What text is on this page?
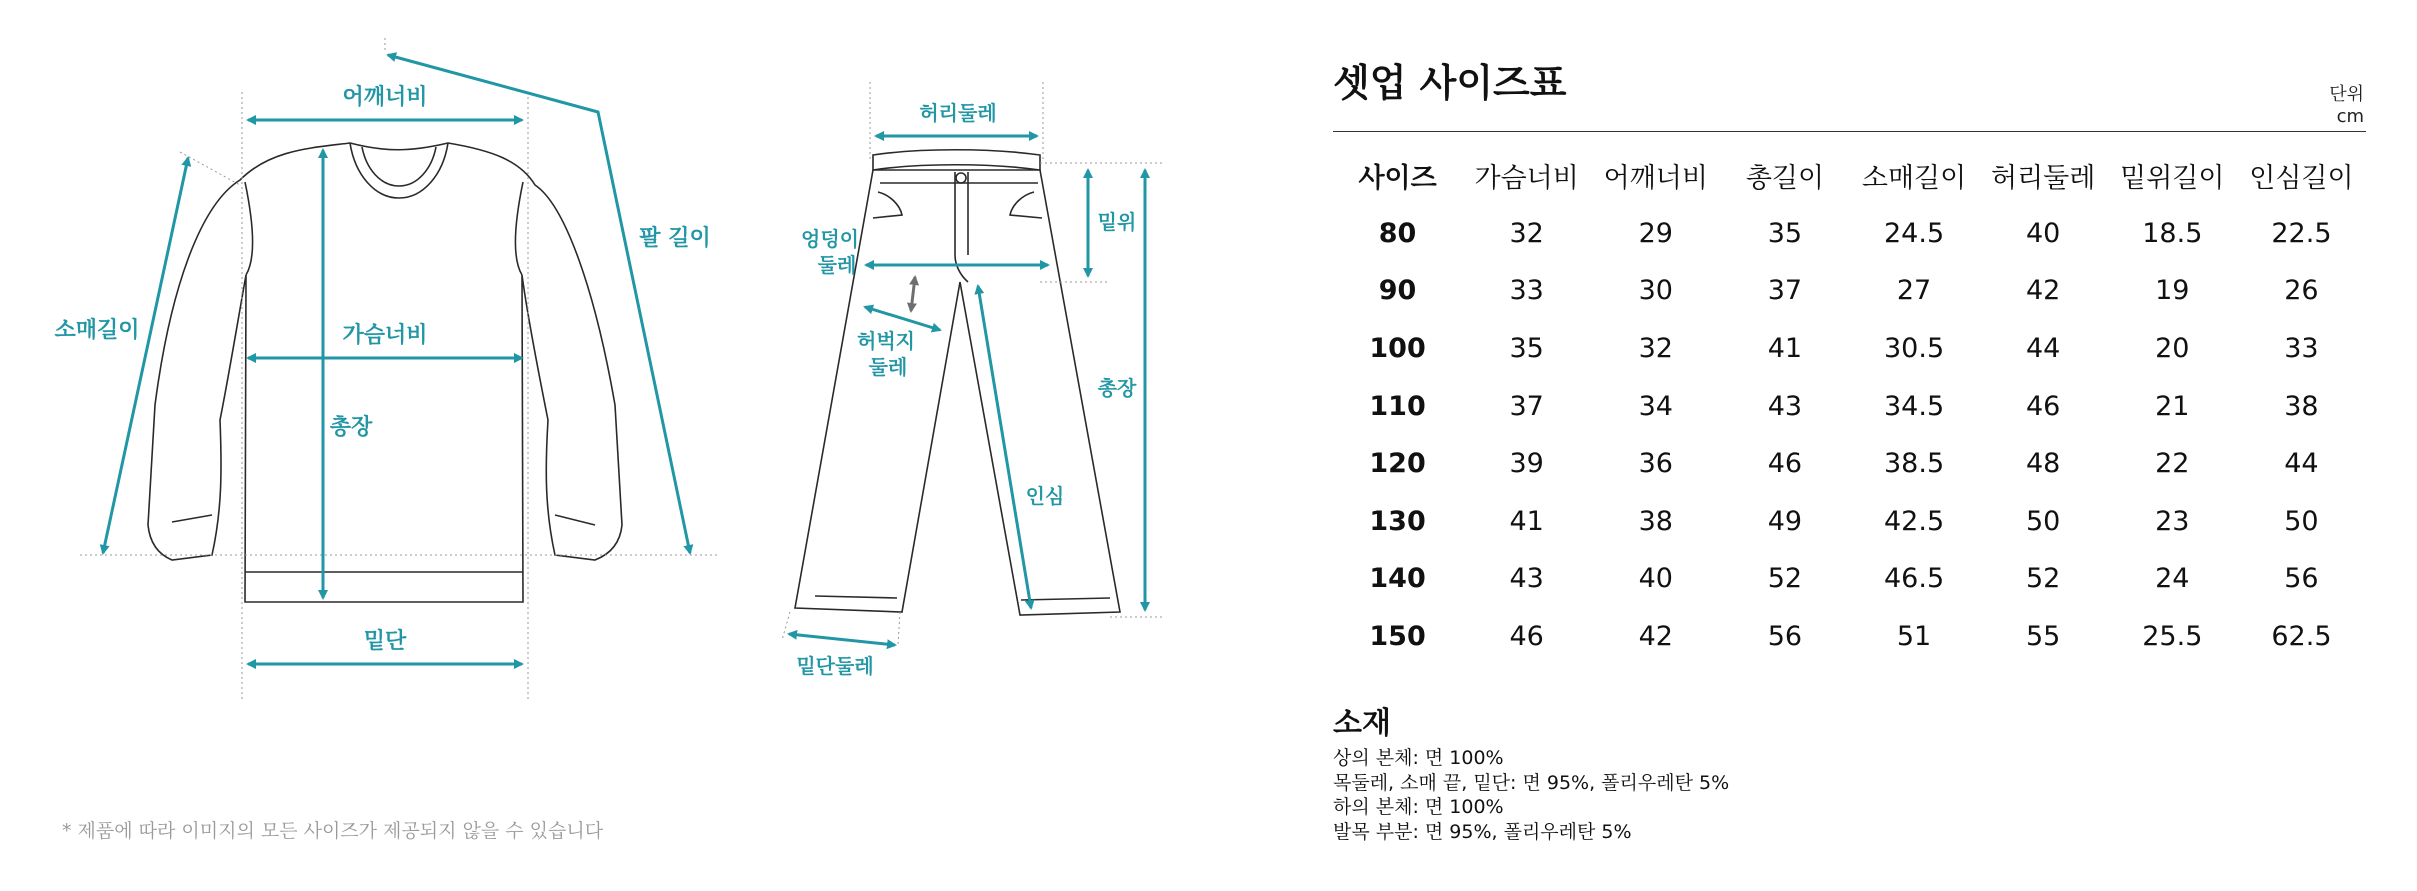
어깨너비
팔 길이
소매길이	가슴너비
총장
밑단
허리둘레
엉덩이
둘레
밑위
허벅지
둘레
총장
인심
밑단둘레
* 제품에 따라 이미지의 모든 사이즈가 제공되지 않을 수 있습니다
셋업 사이즈표	단위 cm
사이즈	가슴너비	어깨너비	총길이	소매길이	허리둘레	밑위길이	인심길이
80	32	29	35	24.5	40	18.5	22.5
90	33	30	37	27	42	19	26
100	35	32	41	30.5	44	20	33
110	37	34	43	34.5	46	21	38
120	39	36	46	38.5	48	22	44
130	41	38	49	42.5	50	23	50
140	43	40	52	46.5	52	24	56
150	46	42	56	51	55	25.5	62.5
소재
상의 본체: 면 100%
목둘레, 소매 끝, 밑단: 면 95%, 폴리우레탄 5%
하의 본체: 면 100%
발목 부분: 면 95%, 폴리우레탄 5%
